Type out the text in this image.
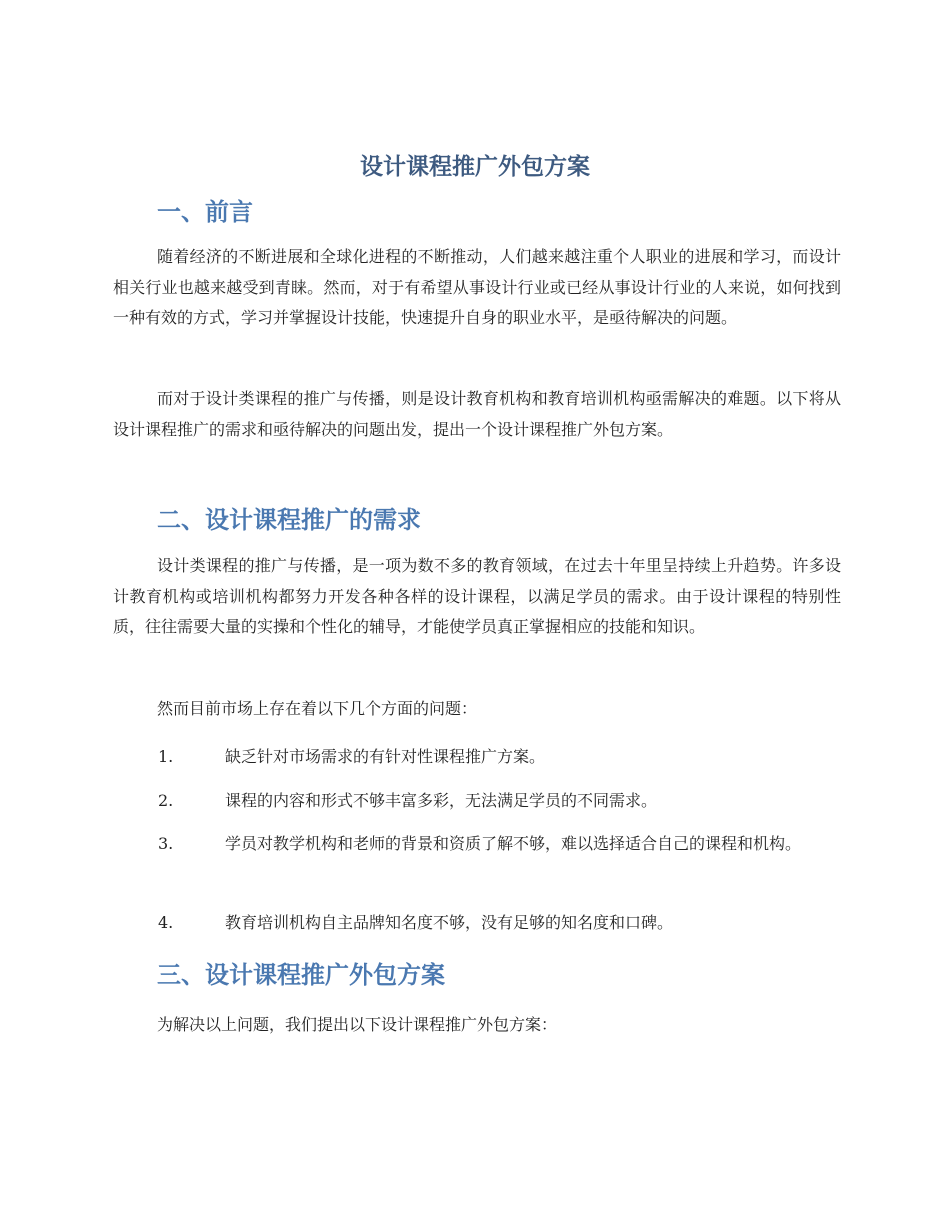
设计课程推广外包方案
一、前言
随着经济的不断进展和全球化进程的不断推动，人们越来越注重个人职业的进展和学习，而设计相关行业也越来越受到青睐。然而，对于有希望从事设计行业或已经从事设计行业的人来说，如何找到一种有效的方式，学习并掌握设计技能，快速提升自身的职业水平，是亟待解决的问题。
而对于设计类课程的推广与传播，则是设计教育机构和教育培训机构亟需解决的难题。以下将从设计课程推广的需求和亟待解决的问题出发，提出一个设计课程推广外包方案。
二、设计课程推广的需求
设计类课程的推广与传播，是一项为数不多的教育领域，在过去十年里呈持续上升趋势。许多设计教育机构或培训机构都努力开发各种各样的设计课程，以满足学员的需求。由于设计课程的特别性质，往往需要大量的实操和个性化的辅导，才能使学员真正掌握相应的技能和知识。
然而目前市场上存在着以下几个方面的问题：
1.	缺乏针对市场需求的有针对性课程推广方案。
2.	课程的内容和形式不够丰富多彩，无法满足学员的不同需求。
3.	学员对教学机构和老师的背景和资质了解不够，难以选择适合自己的课程和机构。
4.	教育培训机构自主品牌知名度不够，没有足够的知名度和口碑。
三、设计课程推广外包方案
为解决以上问题，我们提出以下设计课程推广外包方案：
